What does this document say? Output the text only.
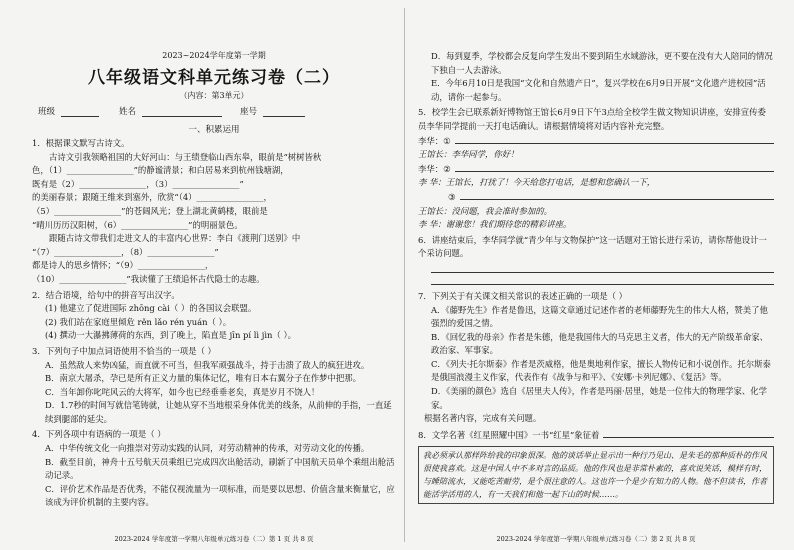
2023~2024学年度第一学期
八年级语文科单元练习卷（二）
（内容：第3单元）
班级	姓名	座号
一、积累运用

1．根据课文默写古诗文。

古诗文引我领略祖国的大好河山：与王绩登临山西东皋，眼前是“树树皆秋

色，（1）________________”的静谧清景；和白居易来到杭州钱塘湖，

既有是（2）________________，（3）________________”

的美丽春景；跟随王维来到塞外，欣赏“（4）________________，

（5）________________”的苍阔风光；登上湖北黄鹤楼，眼前是

“晴川历历汉阳树，（6）________________”的明丽景色。

跟随古诗文带我们走进文人的丰富内心世界：李白《渡荆门送别》中

“（7）________________，（8）________________”

都是诗人的思乡情怀；“（9）________________，

（10）________________”我读懂了王绩追怀古代隐士的志趣。

2．结合语境，给句中的拼音写出汉字。

(1) 他建立了促进国际 zhōng cài（ ）的各国议会联盟。

(2) 我们站在家庭里倾危 rěn lǎo rén yuán（ ）。

(4) 撰动一大瀑拂薄荷的东西，到了晚上，陷直是 jīn pí lì jìn（ ）。

3．下列句子中加点词语使用不恰当的一项是（ ）

A．虽然敌人来势凶猛，而直就不可当，但我军顽强战斗，持于击溃了敌人的疯狂进攻。

B．南京大屠杀，孕已是所有正义力量的集体记忆，唯有日本右翼分子在作梦中把那。

C．当年卸你叱咤风云的大将军，如今也已经垂垂老矣，真是岁月不饶人！

D．1.7秒的时间写就信笔铸就，让她从穿不当地根采身体优美的线条，从前伸的手指，一直延续到腿部的延尖。

4．下列各项中有语病的一项是（ ）

A．中华传统文化一向推崇对劳动实践的认同，对劳动精神的传承，对劳动文化的传播。

B．截至目前，神舟十五号航天员乘组已完成四次出舱活动，刷新了中国航天员单个乘组出舱活动记录。

C．评价艺术作品是否优秀，不能仅视流量为一项标准，而是要以思想、价值含量来衡量它，应该成为评价机制的主要内容。

2023-2024 学年度第一学期八年级单元练习卷（二）第 1 页 共 8 页

D．每到夏季，学校都会反复向学生发出不要到陌生水域游泳，更不要在没有大人陪同的情况下独自一人去游泳。

E．今年6月10日是我国“文化和自然遗产日”，复兴学校在6月9日开展“文化遗产进校园”活动，请你一起参与。

5．校学生会已联系新好博物馆王馆长6月9日下午3点给全校学生做文物知识讲座，安排宣传委员李华同学提前一天打电话确认。请根据情境将对话内容补充完整。

李华： ①
王馆长： 李华同学，你好！
李华： ②
李 华： 王馆长，打扰了！今天给您打电话，是想和您确认一下，
③
王馆长： 没问题，我会准时参加的。
李 华： 谢谢您！我们期待您的精彩讲座。

6．讲座结束后，李华同学就“青少年与文物保护”这一话题对王馆长进行采访，请你帮他设计一个采访问题。

7．下列关于有关课文相关常识的表述正确的一项是（ ）

A．《藤野先生》作者是鲁迅，这篇文章通过记述作者的老师藤野先生的伟大人格，赞美了他强烈的爱国之情。

B．《回忆我的母亲》作者是朱德，他是我国伟大的马克思主义者，伟大的无产阶级革命家、政治家、军事家。

C．《列夫·托尔斯泰》作者是茨威格，他是奥地利作家，擅长人物传记和小说创作。托尔斯泰是俄国浪漫主义作家，代表作有《战争与和平》、《安娜·卡列尼娜》、《复活》等。

D．《美丽的颜色》选自《居里夫人传》，作者是玛丽·居里，她是一位伟大的物理学家、化学家。

根据名著内容，完成有关问题。

8．文学名著《红星照耀中国》一书“红星”象征着
我必须承认那样阵给我的印象很深。他的谈话举止显示出一种行乃见山、是朱毛的那种质朴的作风很使我喜欢。这是中国人中不多对言的品质。他的作风也是非常朴素的，喜欢说笑话，模样有时，与睡陪流水，又能吃苦耐劳，是个很注意的人。这也许一个是少有知力的人物。他不但读书，作者能活学活用的人，有一天我们和他一起下山的时候……。
2023-2024 学年度第一学期八年级单元练习卷（二）第 2 页 共 8 页
